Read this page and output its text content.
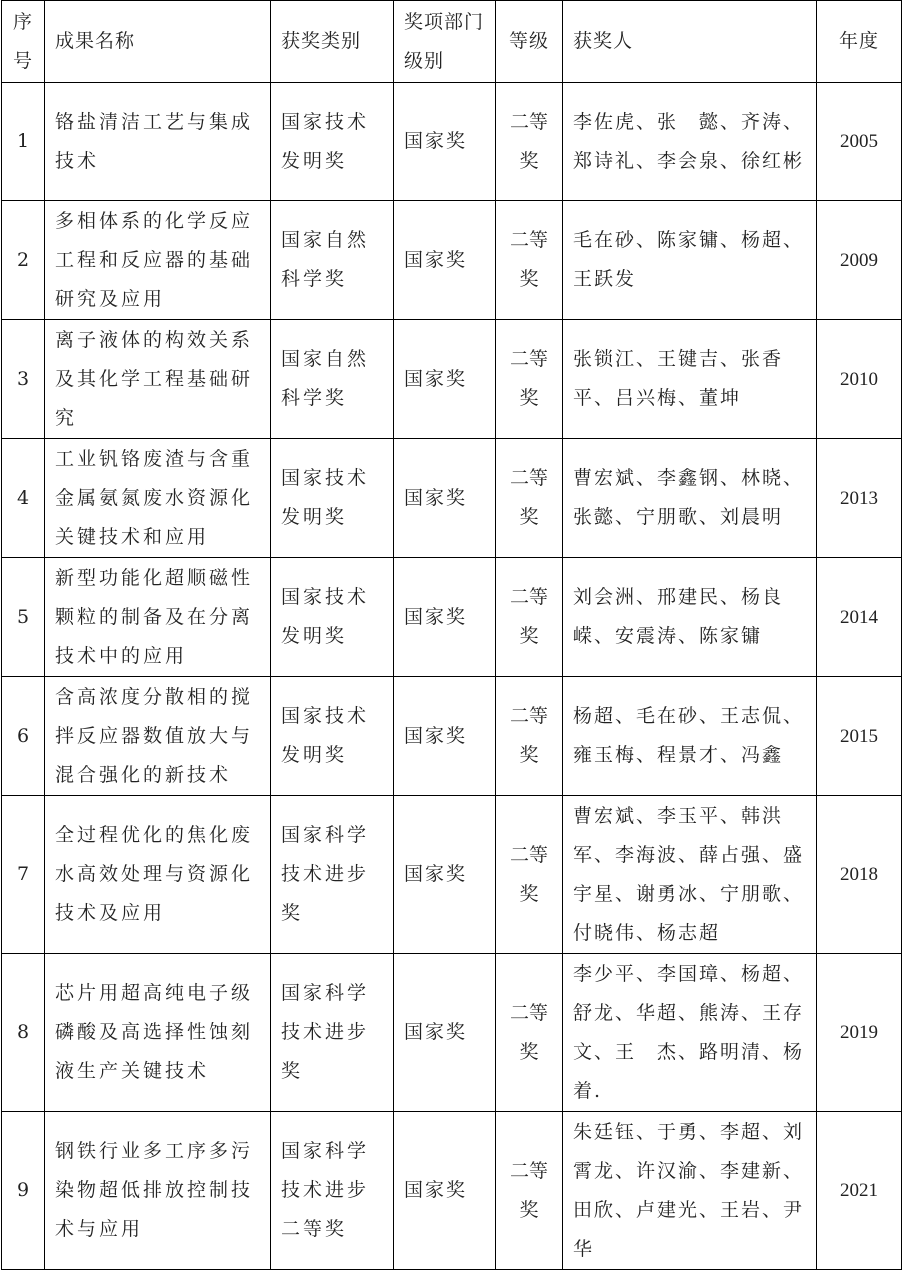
序号	成果名称	获奖类别	奖项部门级别	等级	获奖人	年度
1	铬盐清洁工艺与集成技术	国家技术发明奖	国家奖	二等奖	李佐虎、张　懿、齐涛、郑诗礼、李会泉、徐红彬	2005
2	多相体系的化学反应工程和反应器的基础研究及应用	国家自然科学奖	国家奖	二等奖	毛在砂、陈家镛、杨超、王跃发	2009
3	离子液体的构效关系及其化学工程基础研究	国家自然科学奖	国家奖	二等奖	张锁江、王键吉、张香平、吕兴梅、董坤	2010
4	工业钒铬废渣与含重金属氨氮废水资源化关键技术和应用	国家技术发明奖	国家奖	二等奖	曹宏斌、李鑫钢、林晓、张懿、宁朋歌、刘晨明	2013
5	新型功能化超顺磁性颗粒的制备及在分离技术中的应用	国家技术发明奖	国家奖	二等奖	刘会洲、邢建民、杨良嵘、安震涛、陈家镛	2014
6	含高浓度分散相的搅拌反应器数值放大与混合强化的新技术	国家技术发明奖	国家奖	二等奖	杨超、毛在砂、王志侃、雍玉梅、程景才、冯鑫	2015
7	全过程优化的焦化废水高效处理与资源化技术及应用	国家科学技术进步奖	国家奖	二等奖	曹宏斌、李玉平、韩洪军、李海波、薛占强、盛宇星、谢勇冰、宁朋歌、付晓伟、杨志超	2018
8	芯片用超高纯电子级磷酸及高选择性蚀刻液生产关键技术	国家科学技术进步奖	国家奖	二等奖	李少平、李国璋、杨超、舒龙、华超、熊涛、王存文、王　杰、路明清、杨着.	2019
9	钢铁行业多工序多污染物超低排放控制技术与应用	国家科学技术进步二等奖	国家奖	二等奖	朱廷钰、于勇、李超、刘霄龙、许汉渝、李建新、田欣、卢建光、王岩、尹华	2021
